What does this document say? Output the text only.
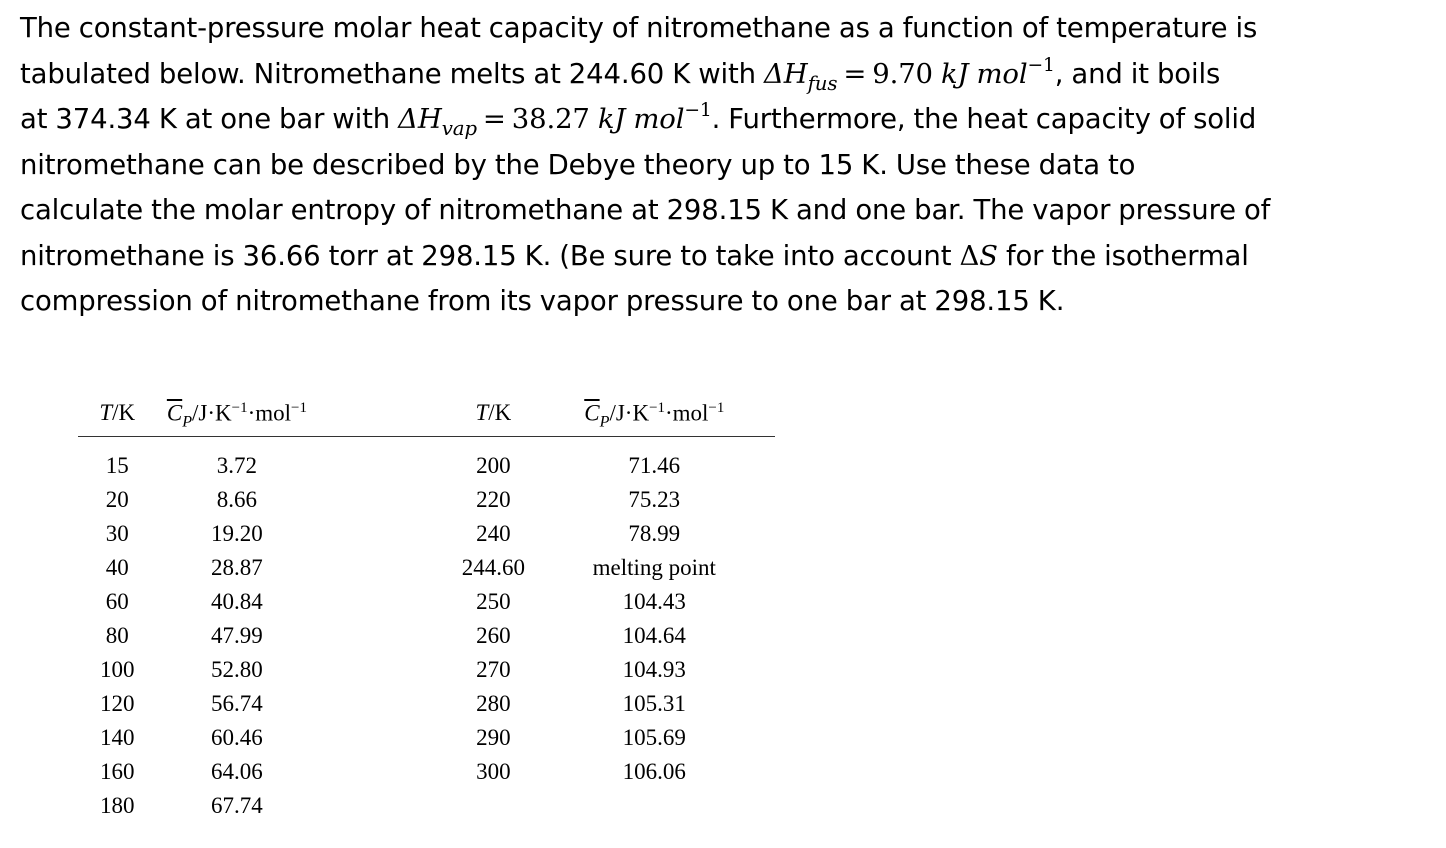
The constant-pressure molar heat capacity of nitromethane as a function of temperature is
tabulated below. Nitromethane melts at 244.60 K with $\Delta H_{fus} = 9.70$ kJ mol$^{-1}$, and it boils
at 374.34 K at one bar with $\Delta H_{vap} = 38.27$ kJ mol$^{-1}$. Furthermore, the heat capacity of solid
nitromethane can be described by the Debye theory up to 15 K. Use these data to
calculate the molar entropy of nitromethane at 298.15 K and one bar. The vapor pressure of
nitromethane is 36.66 torr at 298.15 K. (Be sure to take into account ΔS for the isothermal
compression of nitromethane from its vapor pressure to one bar at 298.15 K.
T/K	$\overline{C}_P/J\cdot K^{-1}\cdot mol^{-1}$		T/K	$\overline{C}_P/J\cdot K^{-1}\cdot mol^{-1}$

15	3.72		200	71.46
20	8.66		220	75.23
30	19.20		240	78.99
40	28.87		244.60	melting point
60	40.84		250	104.43
80	47.99		260	104.64
100	52.80		270	104.93
120	56.74		280	105.31
140	60.46		290	105.69
160	64.06		300	106.06
180	67.74			
